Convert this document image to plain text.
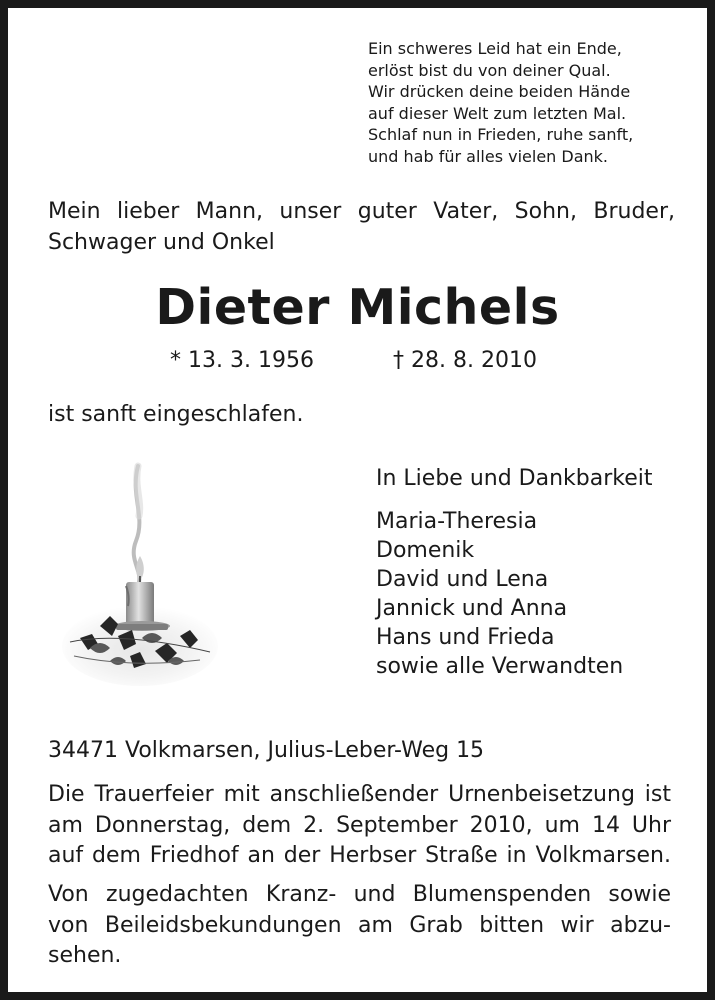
Ein schweres Leid hat ein Ende,
erlöst bist du von deiner Qual.
Wir drücken deine beiden Hände
auf dieser Welt zum letzten Mal.
Schlaf nun in Frieden, ruhe sanft,
und hab für alles vielen Dank.
Mein lieber Mann, unser guter Vater, Sohn, Bruder,
Schwager und Onkel
Dieter Michels
* 13. 3. 1956	† 28. 8. 2010
ist sanft eingeschlafen.
In Liebe und Dankbarkeit
Maria-Theresia
Domenik
David und Lena
Jannick und Anna
Hans und Frieda
sowie alle Verwandten
34471 Volkmarsen, Julius-Leber-Weg 15
Die Trauerfeier mit anschließender Urnenbeisetzung ist
am Donnerstag, dem 2. September 2010, um 14 Uhr
auf dem Friedhof an der Herbser Straße in Volkmarsen.
Von zugedachten Kranz- und Blumenspenden sowie
von Beileidsbekundungen am Grab bitten wir abzu-
sehen.
